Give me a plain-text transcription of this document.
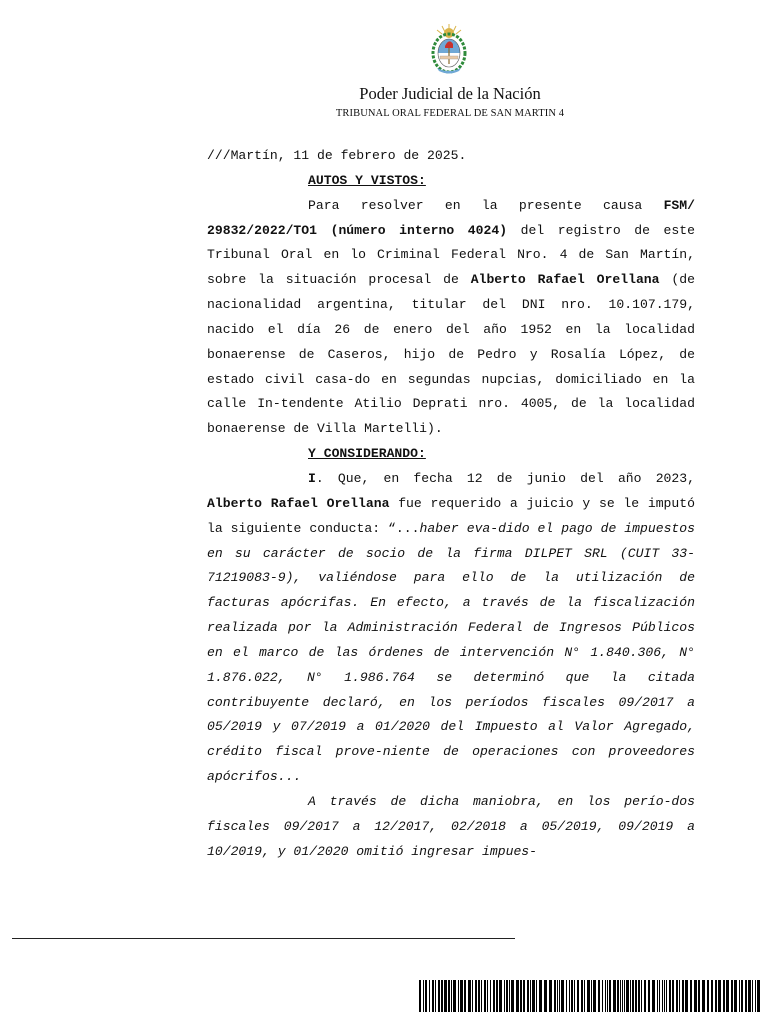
Poder Judicial de la Nación
TRIBUNAL ORAL FEDERAL DE SAN MARTIN 4

///Martín, 11 de febrero de 2025.

AUTOS Y VISTOS:

Para resolver en la presente causa FSM/ 29832/2022/TO1 (número interno 4024) del registro de este Tribunal Oral en lo Criminal Federal Nro. 4 de San Martín, sobre la situación procesal de Alberto Rafael Orellana (de nacionalidad argentina, titular del DNI nro. 10.107.179, nacido el día 26 de enero del año 1952 en la localidad bonaerense de Caseros, hijo de Pedro y Rosalía López, de estado civil casa-do en segundas nupcias, domiciliado en la calle In-tendente Atilio Deprati nro. 4005, de la localidad bonaerense de Villa Martelli).

Y CONSIDERANDO:

I. Que, en fecha 12 de junio del año 2023, Alberto Rafael Orellana fue requerido a juicio y se le imputó la siguiente conducta: “...haber eva-dido el pago de impuestos en su carácter de socio de la firma DILPET SRL (CUIT 33-71219083-9), valiéndose para ello de la utilización de facturas apócrifas. En efecto, a través de la fiscalización realizada por la Administración Federal de Ingresos Públicos en el marco de las órdenes de intervención N° 1.840.306, N° 1.876.022, N° 1.986.764 se determinó que la citada contribuyente declaró, en los períodos fiscales 09/2017 a 05/2019 y 07/2019 a 01/2020 del Impuesto al Valor Agregado, crédito fiscal prove-niente de operaciones con proveedores apócrifos...

A través de dicha maniobra, en los perío-dos fiscales 09/2017 a 12/2017, 02/2018 a 05/2019, 09/2019 a 10/2019, y 01/2020 omitió ingresar impues-
